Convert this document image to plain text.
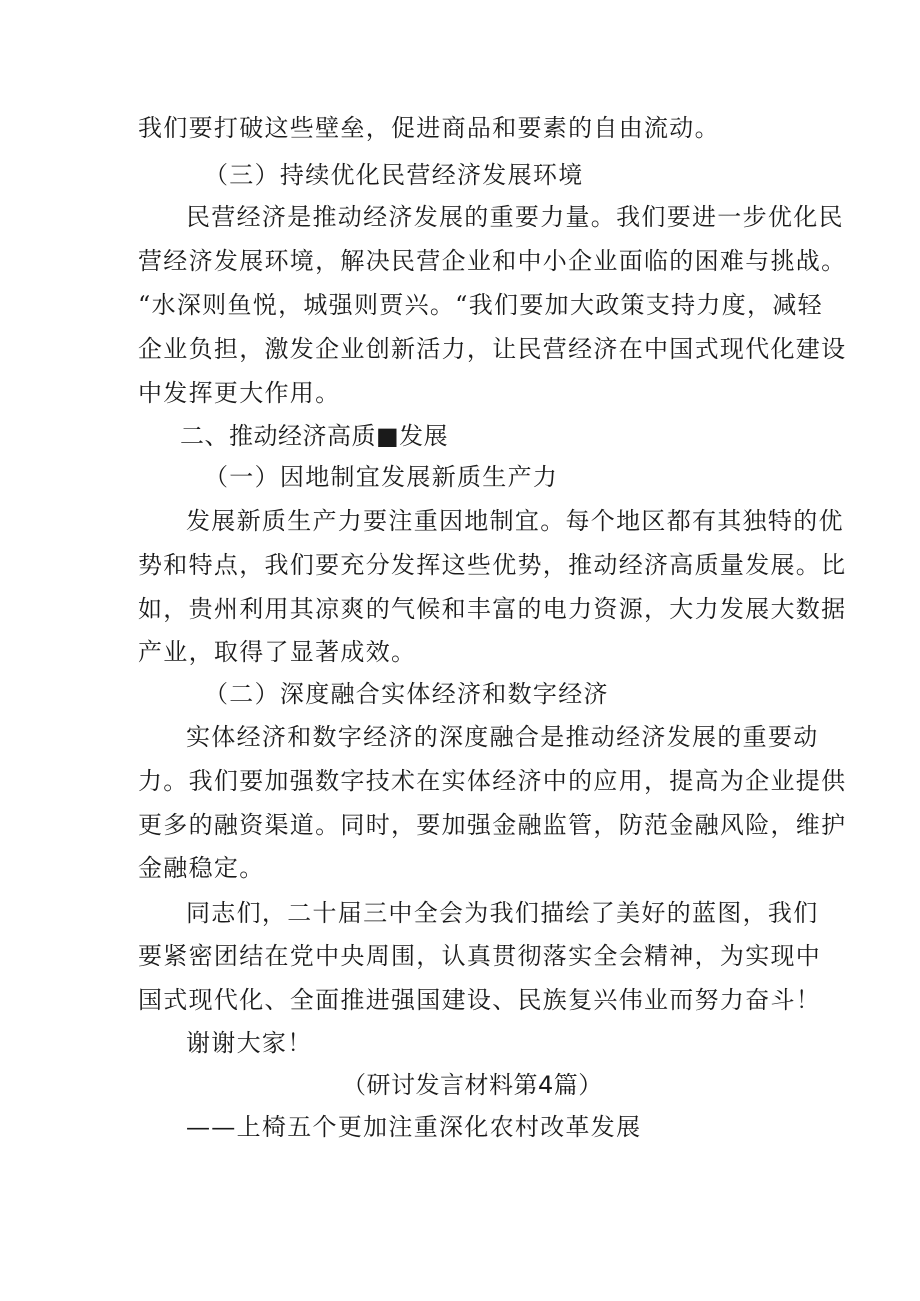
我们要打破这些壁垒，促进商品和要素的自由流动。
（三）持续优化民营经济发展环境
民营经济是推动经济发展的重要力量。我们要进一步优化民
营经济发展环境，解决民营企业和中小企业面临的困难与挑战。
“水深则鱼悦，城强则贾兴。“我们要加大政策支持力度，减轻
企业负担，激发企业创新活力，让民营经济在中国式现代化建设
中发挥更大作用。
二、推动经济高质■发展
（一）因地制宜发展新质生产力
发展新质生产力要注重因地制宜。每个地区都有其独特的优
势和特点，我们要充分发挥这些优势，推动经济高质量发展。比
如，贵州利用其凉爽的气候和丰富的电力资源，大力发展大数据
产业，取得了显著成效。
（二）深度融合实体经济和数字经济
实体经济和数字经济的深度融合是推动经济发展的重要动
力。我们要加强数字技术在实体经济中的应用，提高为企业提供
更多的融资渠道。同时，要加强金融监管，防范金融风险，维护
金融稳定。
同志们，二十届三中全会为我们描绘了美好的蓝图，我们
要紧密团结在党中央周围，认真贯彻落实全会精神，为实现中
国式现代化、全面推进强国建设、民族复兴伟业而努力奋斗！
谢谢大家！
（研讨发言材料第4篇）
——上椅五个更加注重深化农村改革发展
